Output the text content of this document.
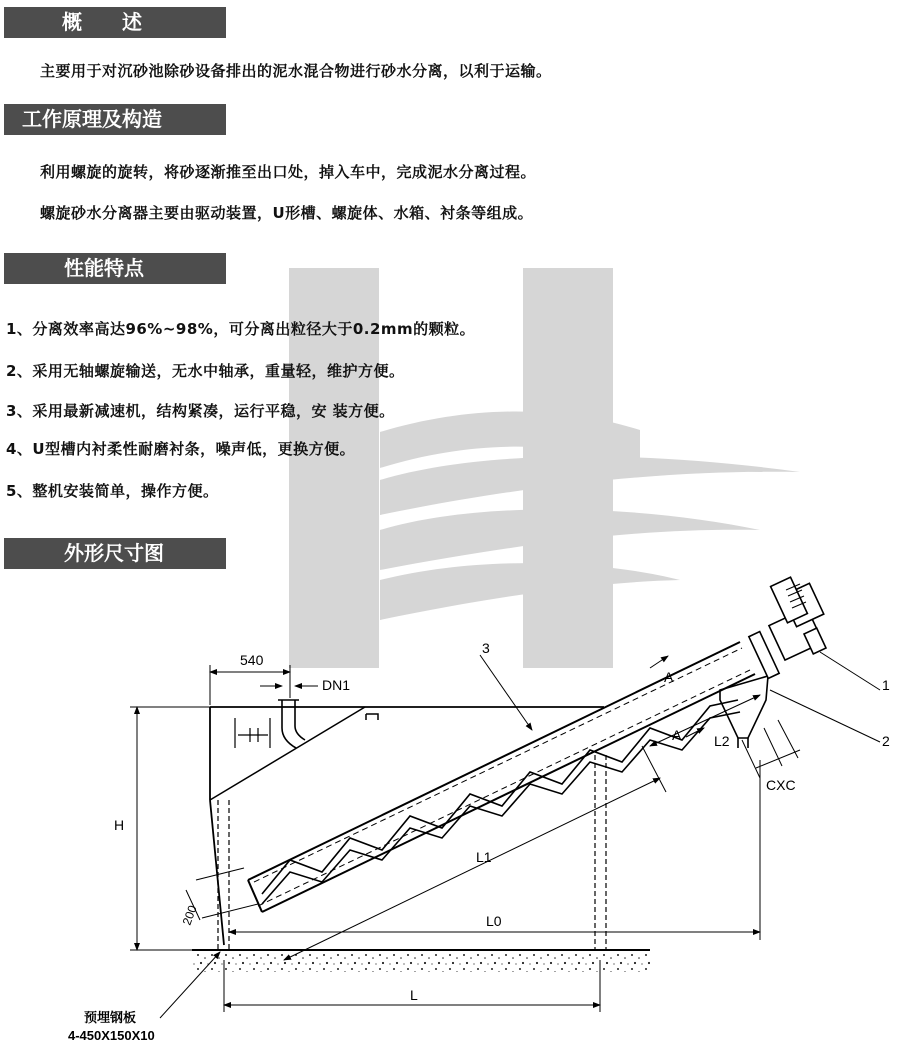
概　　述
主要用于对沉砂池除砂设备排出的泥水混合物进行砂水分离，以利于运输。
工作原理及构造
利用螺旋的旋转，将砂逐渐推至出口处，掉入车中，完成泥水分离过程。
螺旋砂水分离器主要由驱动装置，U形槽、螺旋体、水箱、衬条等组成。
性能特点
1、分离效率高达96%~98%，可分离出粒径大于0.2mm的颗粒。
2、采用无轴螺旋输送，无水中轴承，重量轻，维护方便。
3、采用最新减速机，结构紧凑，运行平稳，安 装方便。
4、U型槽内衬柔性耐磨衬条，噪声低，更换方便。
5、整机安装简单，操作方便。
外形尺寸图
540
DN1
3
1
2
A
A L2
CXC
H
L1
L0
200
L
预埋钢板
4-450X150X10
